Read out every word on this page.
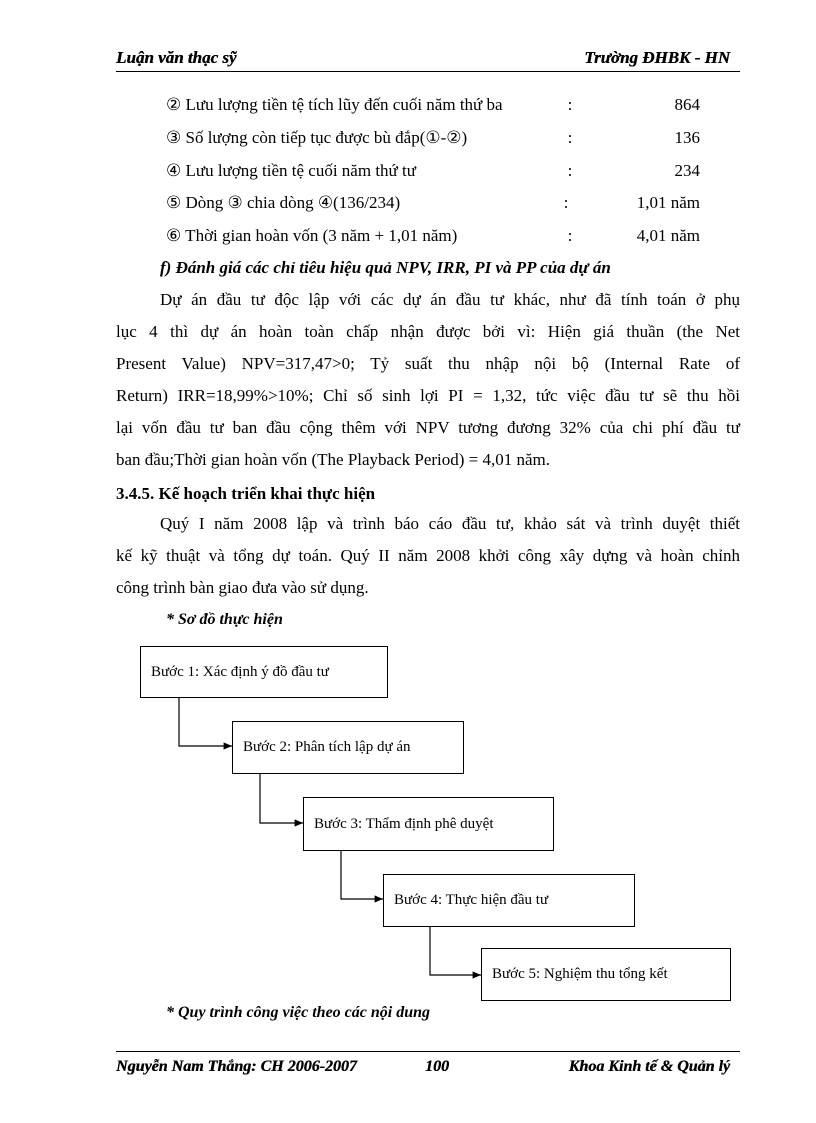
Luận văn thạc sỹ	Trường ĐHBK - HN
② Lưu lượng tiền tệ tích lũy đến cuối năm thứ ba	:	864
③ Số lượng còn tiếp tục được bù đắp(①-②)	:	136
④ Lưu lượng tiền tệ cuối năm thứ tư	:	234
⑤ Dòng ③ chia dòng ④(136/234)	:	1,01 năm
⑥ Thời gian hoàn vốn (3 năm + 1,01 năm)	:	4,01 năm
f) Đánh giá các chỉ tiêu hiệu quả NPV, IRR, PI và PP của dự án
Dự án đầu tư độc lập với các dự án đầu tư khác, như đã tính toán ở phụ
lục 4 thì dự án hoàn toàn chấp nhận được bởi vì: Hiện giá thuần (the Net
Present Value) NPV=317,47>0; Tỷ suất thu nhập nội bộ (Internal Rate of
Return) IRR=18,99%>10%; Chỉ số sinh lợi PI = 1,32, tức việc đầu tư sẽ thu hồi
lại vốn đầu tư ban đầu cộng thêm với NPV tương đương 32% của chi phí đầu tư
ban đầu;Thời gian hoàn vốn (The Playback Period) = 4,01 năm.
3.4.5. Kế hoạch triển khai thực hiện
Quý I năm 2008 lập và trình báo cáo đầu tư, khảo sát và trình duyệt thiết
kế kỹ thuật và tổng dự toán. Quý II năm 2008 khởi công xây dựng và hoàn chỉnh
công trình bàn giao đưa vào sử dụng.
* Sơ đồ thực hiện
Bước 1: Xác định ý đồ đầu tư
Bước 2: Phân tích lập dự án
Bước 3: Thẩm định phê duyệt
Bước 4: Thực hiện đầu tư
Bước 5: Nghiệm thu tổng kết
* Quy trình công việc theo các nội dung
Nguyễn Nam Thắng: CH 2006-2007	100	Khoa Kinh tế & Quản lý
